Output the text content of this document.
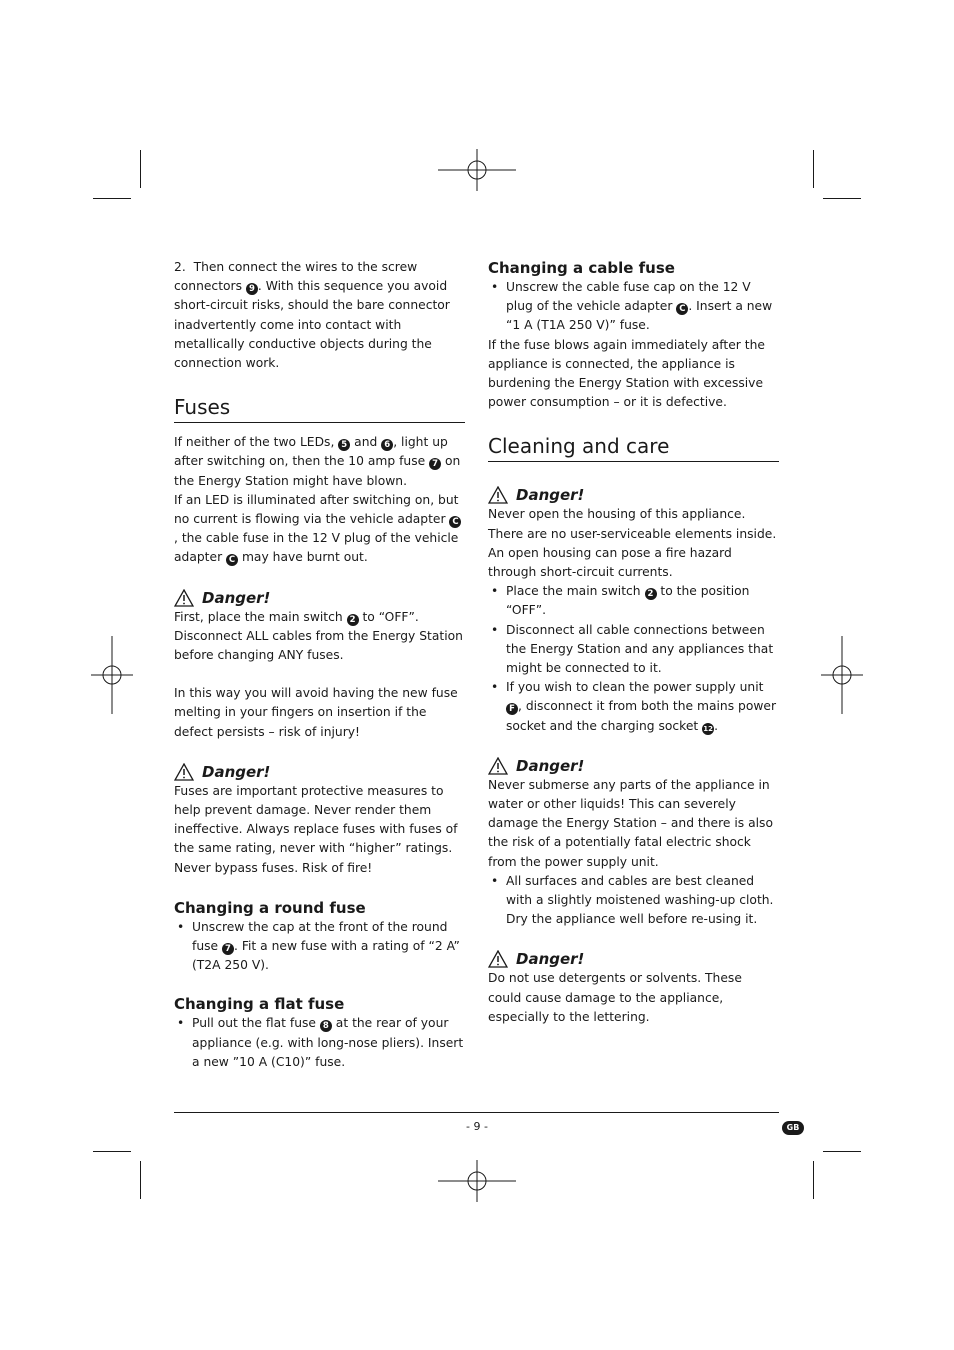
2. Then connect the wires to the screw connectors 9 . With this sequence you avoid short-circuit risks, should the bare connector inadvertently come into contact with metallically conductive objects during the connection work.

Fuses

If neither of the two LEDs, 5 and 6 , light up after switching on, then the 10 amp fuse 7 on the Energy Station might have blown.

If an LED is illuminated after switching on, but no current is flowing via the vehicle adapter C, the cable fuse in the 12 V plug of the vehicle adapter C may have burnt out.

Danger!

First, place the main switch 2 to “OFF”. Disconnect ALL cables from the Energy Station before changing ANY fuses.

In this way you will avoid having the new fuse melting in your fingers on insertion if the defect persists – risk of injury!

Danger!

Fuses are important protective measures to help prevent damage. Never render them ineffective. Always replace fuses with fuses of the same rating, never with “higher” ratings. Never bypass fuses. Risk of fire!

Changing a round fuse
• Unscrew the cap at the front of the round fuse 7 . Fit a new fuse with a rating of “2 A” (T2A 250 V).
Changing a flat fuse
• Pull out the flat fuse 8 at the rear of your appliance (e.g. with long-nose pliers). Insert a new ”10 A (C10)” fuse.
Changing a cable fuse
• Unscrew the cable fuse cap on the 12 V plug of the vehicle adapter C . Insert a new “1 A (T1A 250 V)” fuse.

If the fuse blows again immediately after the appliance is connected, the appliance is burdening the Energy Station with excessive power consumption – or it is defective.

Cleaning and care
Danger!

Never open the housing of this appliance. There are no user-serviceable elements inside. An open housing can pose a fire hazard through short-circuit currents.

• Place the main switch 2 to the position “OFF”.
• Disconnect all cable connections between the Energy Station and any appliances that might be connected to it.
• If you wish to clean the power supply unit F , disconnect it from both the mains power socket and the charging socket 12.
Danger!

Never submerse any parts of the appliance in water or other liquids! This can severely damage the Energy Station – and there is also the risk of a potentially fatal electric shock from the power supply unit.

• All surfaces and cables are best cleaned with a slightly moistened washing-up cloth. Dry the appliance well before re-using it.
Danger!

Do not use detergents or solvents. These could cause damage to the appliance, especially to the lettering.

- 9 -	GB
